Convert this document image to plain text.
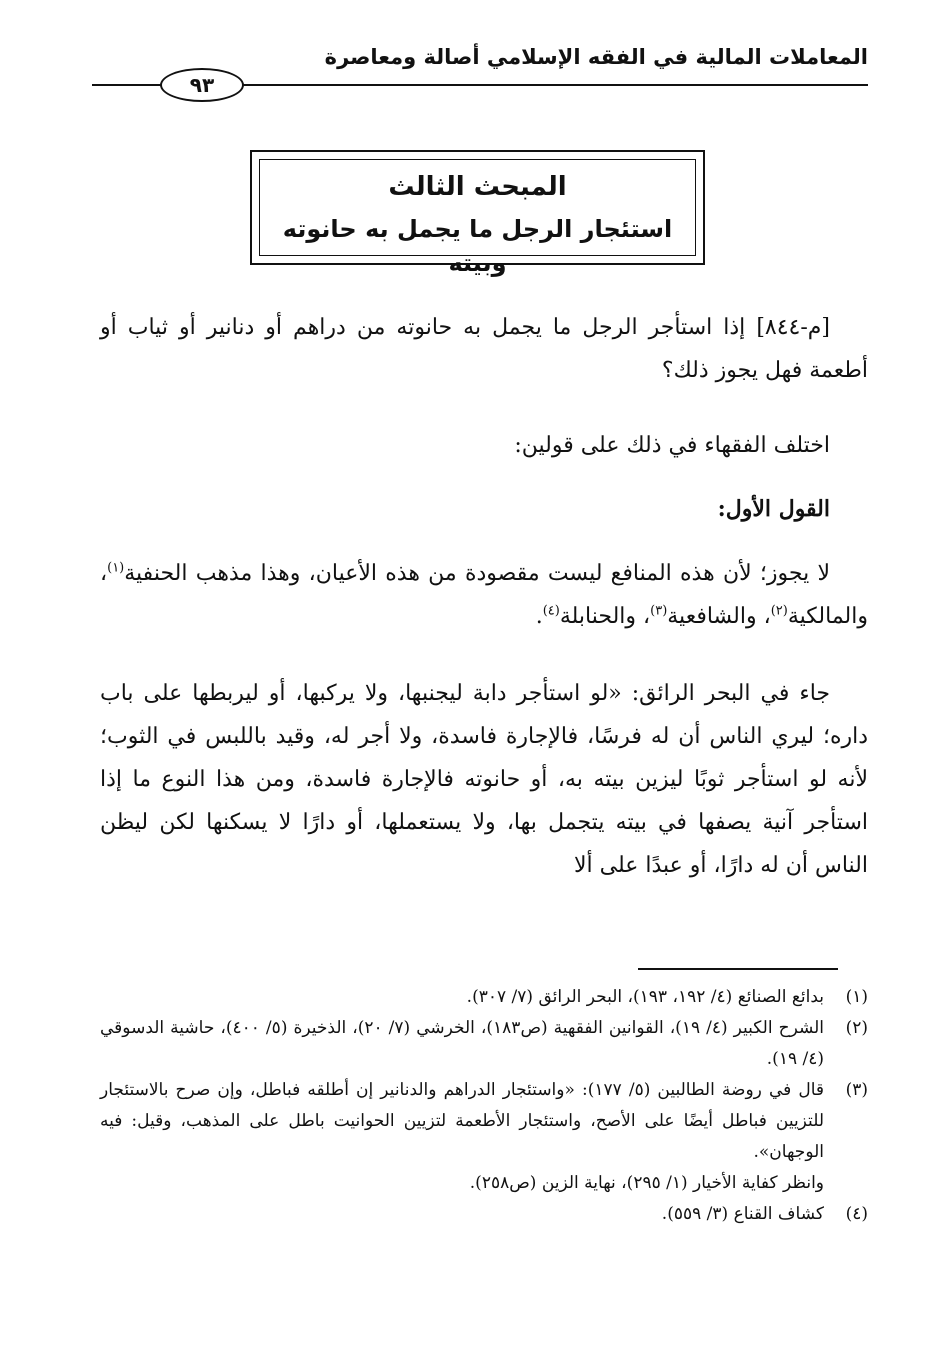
المعاملات المالية في الفقه الإسلامي أصالة ومعاصرة
٩٣
المبحث الثالث
استئجار الرجل ما يجمل به حانوته وبيته

[م-٨٤٤] إذا استأجر الرجل ما يجمل به حانوته من دراهم أو دنانير أو ثياب أو أطعمة فهل يجوز ذلك؟

اختلف الفقهاء في ذلك على قولين:

القول الأول:

لا يجوز؛ لأن هذه المنافع ليست مقصودة من هذه الأعيان، وهذا مذهب الحنفية$^{(١)}$، والمالكية$^{(٢)}$، والشافعية$^{(٣)}$، والحنابلة$^{(٤)}$.

جاء في البحر الرائق: «لو استأجر دابة ليجنبها، ولا يركبها، أو ليربطها على باب داره؛ ليري الناس أن له فرسًا، فالإجارة فاسدة، ولا أجر له، وقيد باللبس في الثوب؛ لأنه لو استأجر ثوبًا ليزين بيته به، أو حانوته فالإجارة فاسدة، ومن هذا النوع ما إذا استأجر آنية يصفها في بيته يتجمل بها، ولا يستعملها، أو دارًا لا يسكنها لكن ليظن الناس أن له دارًا، أو عبدًا على ألا

(١)
بدائع الصنائع (٤/ ١٩٢، ١٩٣)، البحر الرائق (٧/ ٣٠٧).

(٢)
الشرح الكبير (٤/ ١٩)، القوانين الفقهية (ص١٨٣)، الخرشي (٧/ ٢٠)، الذخيرة (٥/ ٤٠٠)، حاشية الدسوقي (٤/ ١٩).

(٣)
قال في روضة الطالبين (٥/ ١٧٧): «واستئجار الدراهم والدنانير إن أطلقه فباطل، وإن صرح بالاستئجار للتزيين فباطل أيضًا على الأصح، واستئجار الأطعمة لتزيين الحوانيت باطل على المذهب، وقيل: فيه الوجهان».

وانظر كفاية الأخيار (١/ ٢٩٥)، نهاية الزين (ص٢٥٨).

(٤)
كشاف القناع (٣/ ٥٥٩).
